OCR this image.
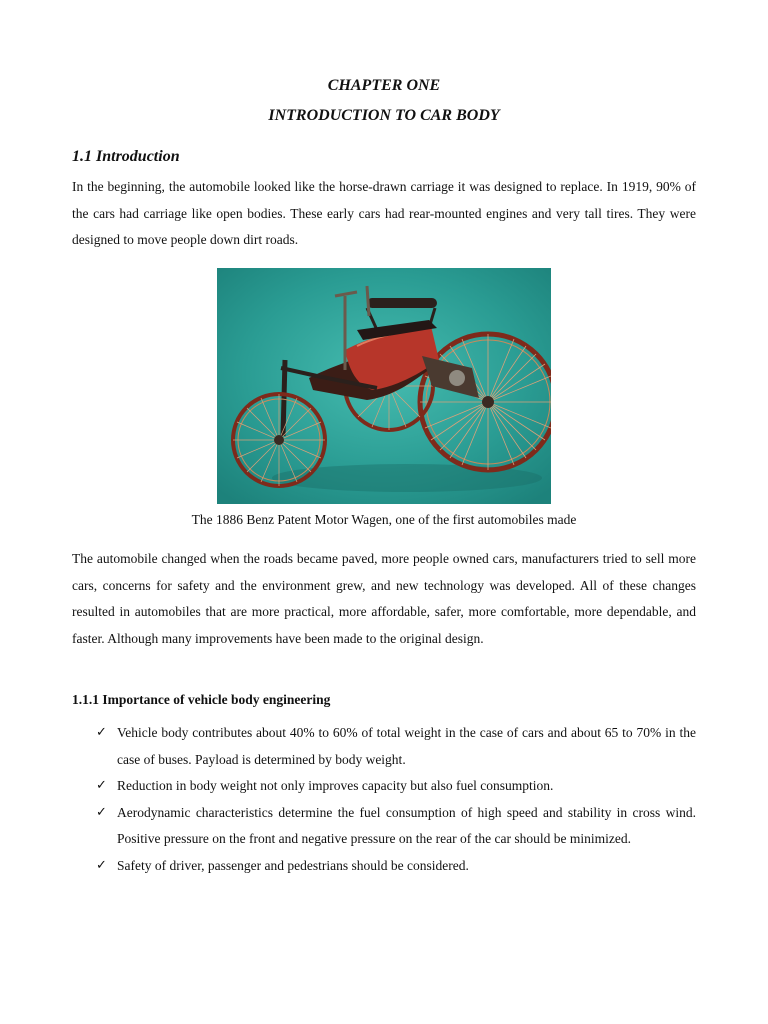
CHAPTER ONE
INTRODUCTION TO CAR BODY
1.1 Introduction

In the beginning, the automobile looked like the horse-drawn carriage it was designed to replace. In 1919, 90% of the cars had carriage like open bodies. These early cars had rear-mounted engines and very tall tires. They were designed to move people down dirt roads.

The 1886 Benz Patent Motor Wagen, one of the first automobiles made

The automobile changed when the roads became paved, more people owned cars, manufacturers tried to sell more cars, concerns for safety and the environment grew, and new technology was developed. All of these changes resulted in automobiles that are more practical, more affordable, safer, more comfortable, more dependable, and faster. Although many improvements have been made to the original design.

1.1.1 Importance of vehicle body engineering
✓ Vehicle body contributes about 40% to 60% of total weight in the case of cars and about 65 to 70% in the case of buses. Payload is determined by body weight.
✓ Reduction in body weight not only improves capacity but also fuel consumption.
✓ Aerodynamic characteristics determine the fuel consumption of high speed and stability in cross wind. Positive pressure on the front and negative pressure on the rear of the car should be minimized.
✓ Safety of driver, passenger and pedestrians should be considered.
